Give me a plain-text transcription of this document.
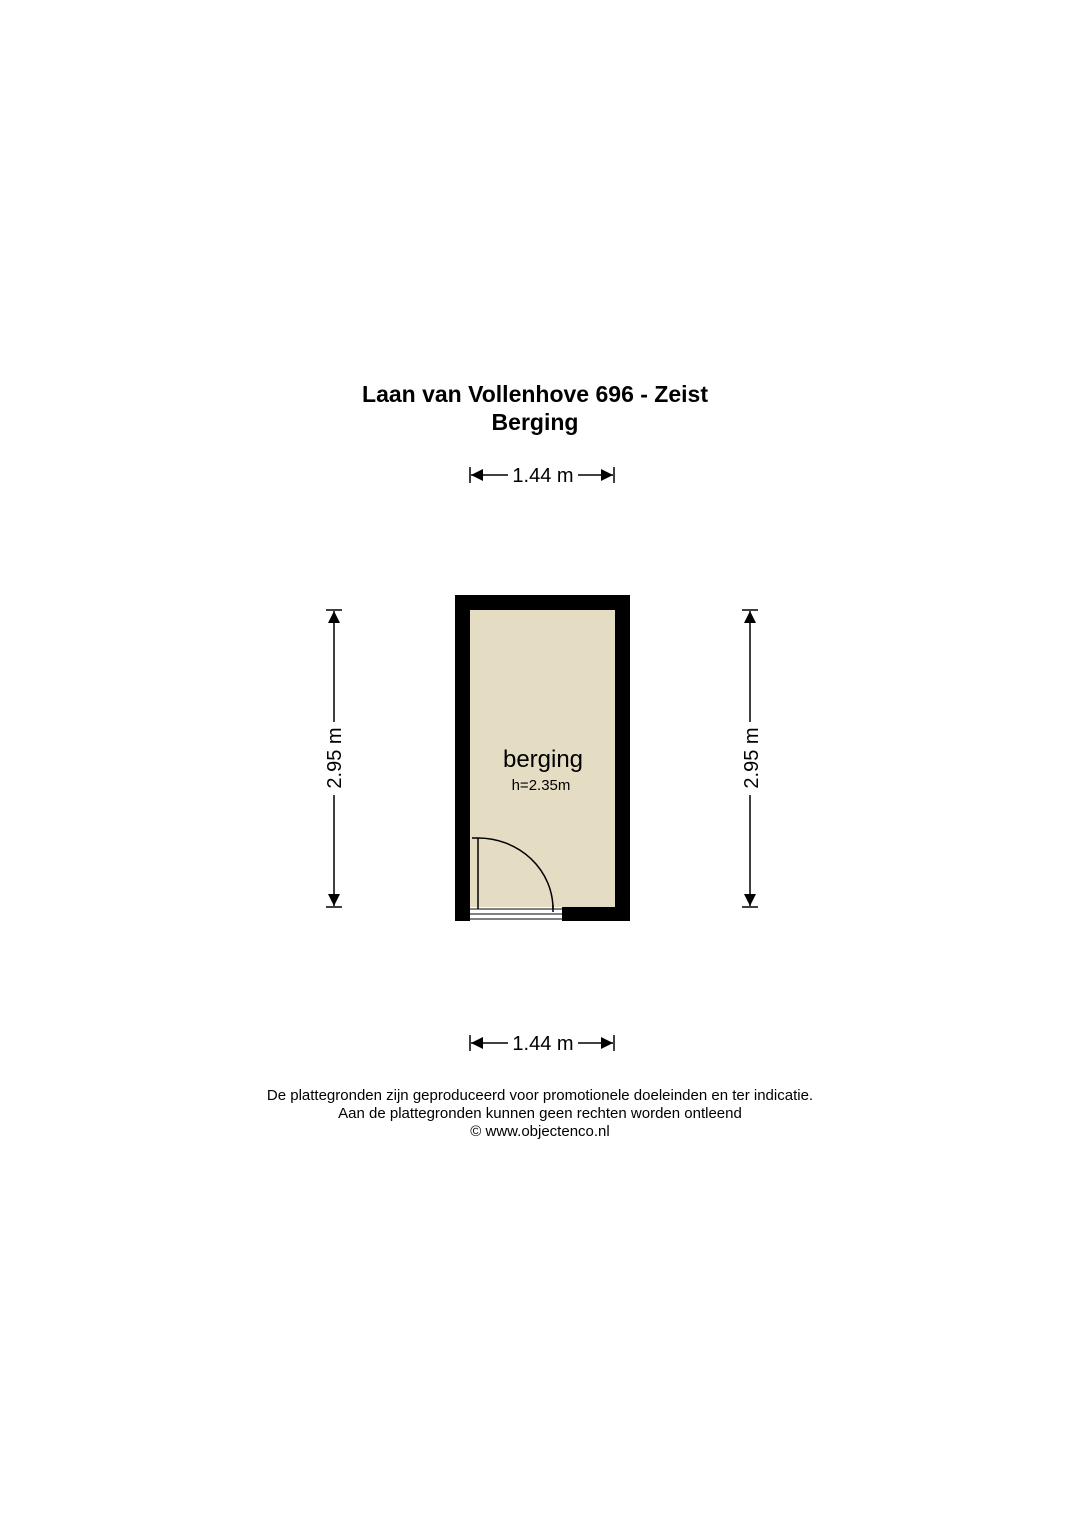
Laan van Vollenhove 696 - Zeist
Berging
1.44 m
2.95 m	2.95 m
berging
h=2.35m
1.44 m
De plattegronden zijn geproduceerd voor promotionele doeleinden en ter indicatie.
Aan de plattegronden kunnen geen rechten worden ontleend
© www.objectenco.nl
